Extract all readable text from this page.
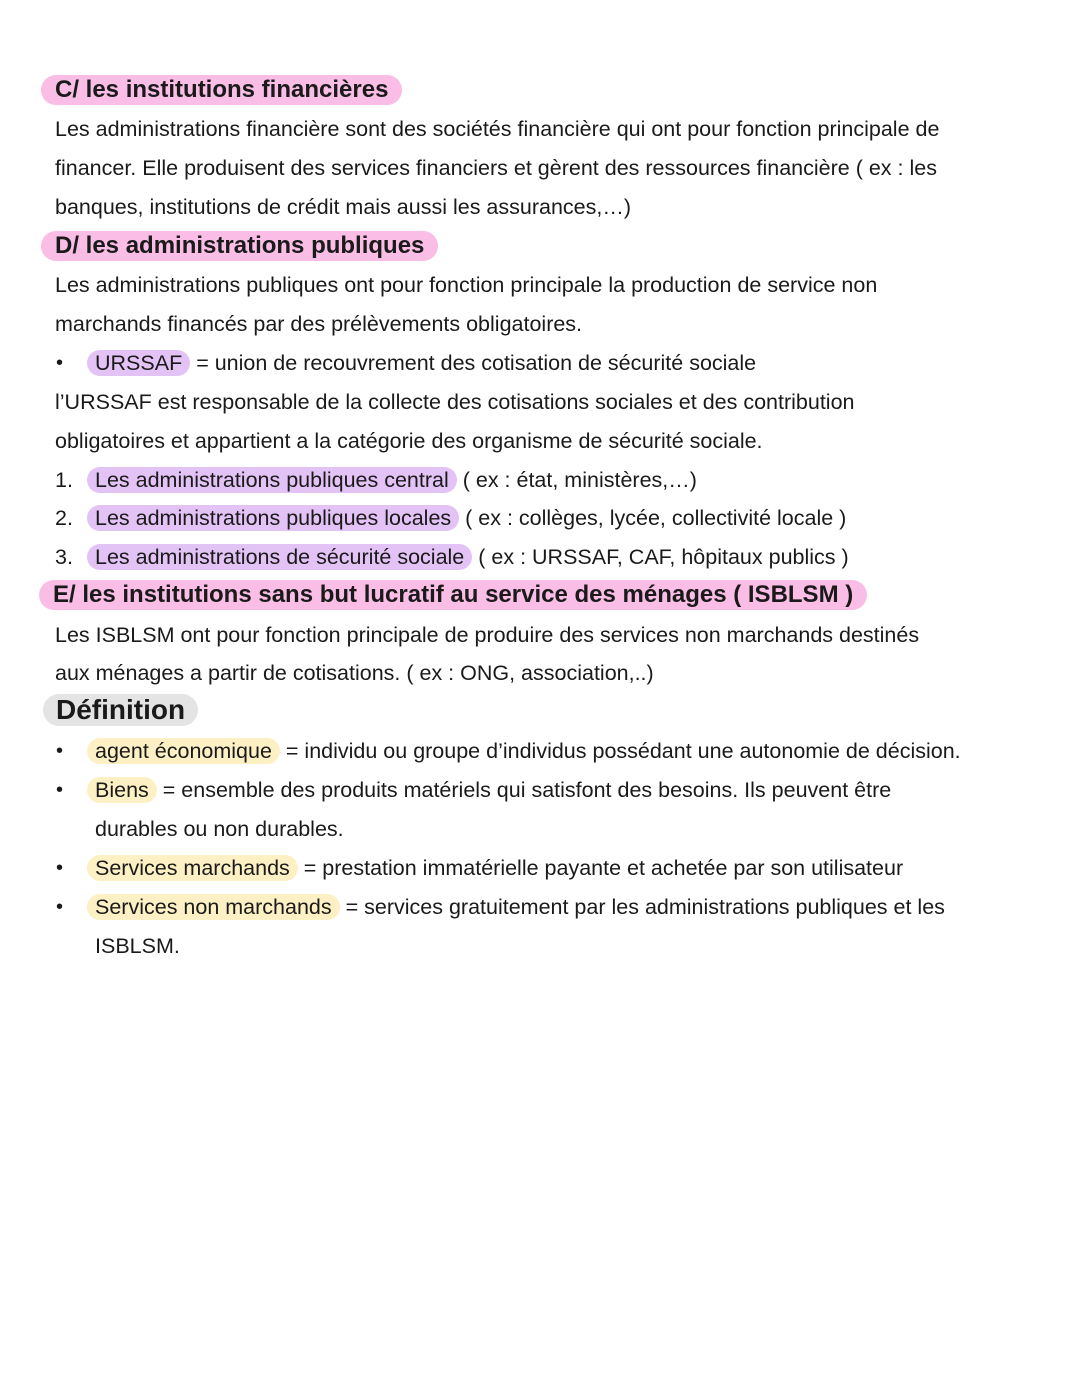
C/ les institutions financières
Les administrations financière sont des sociétés financière qui ont pour fonction principale de
financer. Elle produisent des services financiers et gèrent des ressources financière ( ex : les
banques, institutions de crédit mais aussi les assurances,…)
D/ les administrations publiques
Les administrations publiques ont pour fonction principale la production de service non
marchands financés par des prélèvements obligatoires.
• URSSAF = union de recouvrement des cotisation de sécurité sociale
l’URSSAF est responsable de la collecte des cotisations sociales et des contribution
obligatoires et appartient a la catégorie des organisme de sécurité sociale.
1. Les administrations publiques central ( ex : état, ministères,…)
2. Les administrations publiques locales ( ex : collèges, lycée, collectivité locale )
3. Les administrations de sécurité sociale ( ex : URSSAF, CAF, hôpitaux publics )
E/ les institutions sans but lucratif au service des ménages ( ISBLSM )
Les ISBLSM ont pour fonction principale de produire des services non marchands destinés
aux ménages a partir de cotisations. ( ex : ONG, association,..)
Définition
• agent économique = individu ou groupe d’individus possédant une autonomie de décision.
• Biens = ensemble des produits matériels qui satisfont des besoins. Ils peuvent être
durables ou non durables.
• Services marchands = prestation immatérielle payante et achetée par son utilisateur
• Services non marchands = services gratuitement par les administrations publiques et les
ISBLSM.
